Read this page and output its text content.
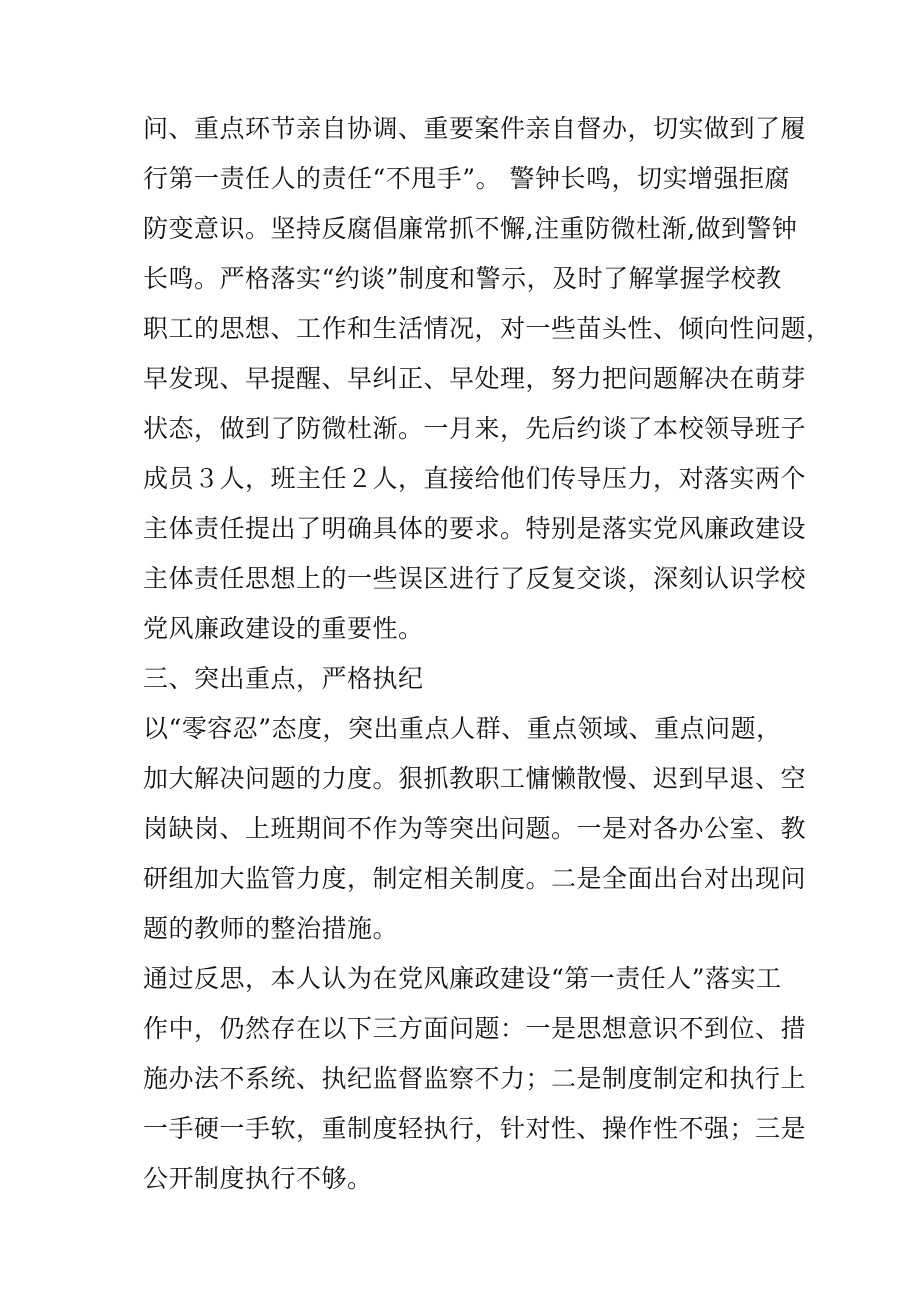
问、重点环节亲自协调、重要案件亲自督办，切实做到了履
行第一责任人的责任“不甩手”。 警钟长鸣，切实增强拒腐
防变意识。坚持反腐倡廉常抓不懈,注重防微杜渐,做到警钟
长鸣。严格落实“约谈”制度和警示，及时了解掌握学校教
职工的思想、工作和生活情况，对一些苗头性、倾向性问题，
早发现、早提醒、早纠正、早处理，努力把问题解决在萌芽
状态，做到了防微杜渐。一月来，先后约谈了本校领导班子
成员３人，班主任２人，直接给他们传导压力，对落实两个
主体责任提出了明确具体的要求。特别是落实党风廉政建设
主体责任思想上的一些误区进行了反复交谈，深刻认识学校
党风廉政建设的重要性。
三、突出重点，严格执纪
以“零容忍”态度，突出重点人群、重点领域、重点问题，
加大解决问题的力度。狠抓教职工慵懒散慢、迟到早退、空
岗缺岗、上班期间不作为等突出问题。一是对各办公室、教
研组加大监管力度，制定相关制度。二是全面出台对出现问
题的教师的整治措施。
通过反思，本人认为在党风廉政建设“第一责任人”落实工
作中，仍然存在以下三方面问题：一是思想意识不到位、措
施办法不系统、执纪监督监察不力；二是制度制定和执行上
一手硬一手软，重制度轻执行，针对性、操作性不强；三是
公开制度执行不够。
